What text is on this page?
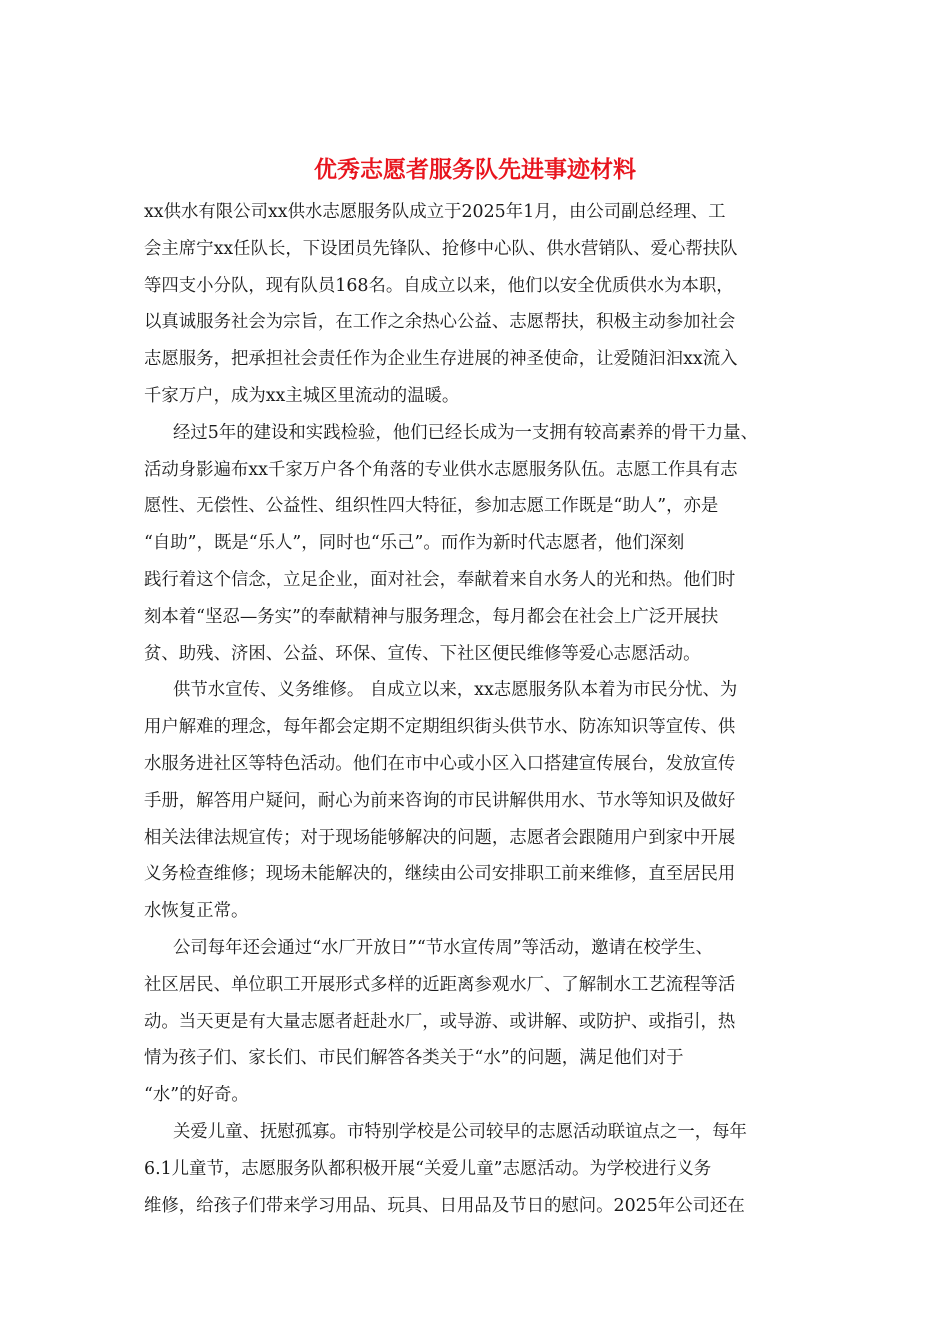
优秀志愿者服务队先进事迹材料
xx供水有限公司xx供水志愿服务队成立于2025年1月，由公司副总经理、工
会主席宁xx任队长，下设团员先锋队、抢修中心队、供水营销队、爱心帮扶队
等四支小分队，现有队员168名。自成立以来，他们以安全优质供水为本职，
以真诚服务社会为宗旨，在工作之余热心公益、志愿帮扶，积极主动参加社会
志愿服务，把承担社会责任作为企业生存进展的神圣使命，让爱随汩汩xx流入
千家万户，成为xx主城区里流动的温暖。
经过5年的建设和实践检验，他们已经长成为一支拥有较高素养的骨干力量、
活动身影遍布xx千家万户各个角落的专业供水志愿服务队伍。志愿工作具有志
愿性、无偿性、公益性、组织性四大特征，参加志愿工作既是“助人”，亦是
“自助”，既是“乐人”，同时也“乐己”。而作为新时代志愿者，他们深刻
践行着这个信念，立足企业，面对社会，奉献着来自水务人的光和热。他们时
刻本着“坚忍—务实”的奉献精神与服务理念，每月都会在社会上广泛开展扶
贫、助残、济困、公益、环保、宣传、下社区便民维修等爱心志愿活动。
供节水宣传、义务维修。 自成立以来，xx志愿服务队本着为市民分忧、为
用户解难的理念，每年都会定期不定期组织街头供节水、防冻知识等宣传、供
水服务进社区等特色活动。他们在市中心或小区入口搭建宣传展台，发放宣传
手册，解答用户疑问，耐心为前来咨询的市民讲解供用水、节水等知识及做好
相关法律法规宣传；对于现场能够解决的问题，志愿者会跟随用户到家中开展
义务检查维修；现场未能解决的，继续由公司安排职工前来维修，直至居民用
水恢复正常。
公司每年还会通过“水厂开放日”“节水宣传周”等活动，邀请在校学生、
社区居民、单位职工开展形式多样的近距离参观水厂、了解制水工艺流程等活
动。当天更是有大量志愿者赶赴水厂，或导游、或讲解、或防护、或指引，热
情为孩子们、家长们、市民们解答各类关于“水”的问题，满足他们对于
“水”的好奇。
关爱儿童、抚慰孤寡。市特别学校是公司较早的志愿活动联谊点之一，每年
6.1儿童节，志愿服务队都积极开展“关爱儿童”志愿活动。为学校进行义务
维修，给孩子们带来学习用品、玩具、日用品及节日的慰问。2025年公司还在
